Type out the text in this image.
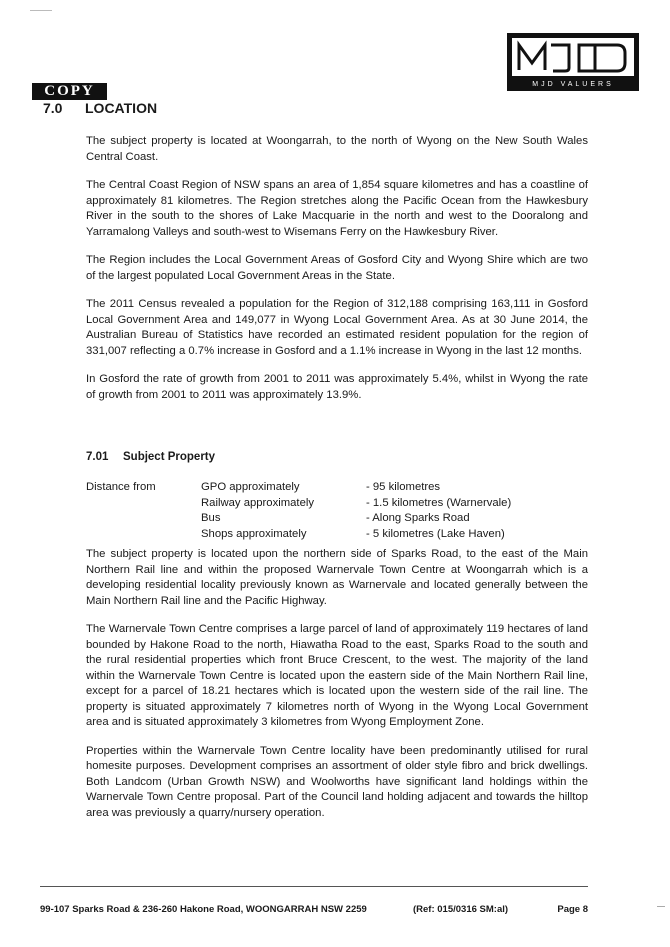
COPY	MJD VALUERS
7.0 LOCATION

The subject property is located at Woongarrah, to the north of Wyong on the New South Wales Central Coast.

The Central Coast Region of NSW spans an area of 1,854 square kilometres and has a coastline of approximately 81 kilometres. The Region stretches along the Pacific Ocean from the Hawkesbury River in the south to the shores of Lake Macquarie in the north and west to the Dooralong and Yarramalong Valleys and south-west to Wisemans Ferry on the Hawkesbury River.

The Region includes the Local Government Areas of Gosford City and Wyong Shire which are two of the largest populated Local Government Areas in the State.

The 2011 Census revealed a population for the Region of 312,188 comprising 163,111 in Gosford Local Government Area and 149,077 in Wyong Local Government Area. As at 30 June 2014, the Australian Bureau of Statistics have recorded an estimated resident population for the region of 331,007 reflecting a 0.7% increase in Gosford and a 1.1% increase in Wyong in the last 12 months.

In Gosford the rate of growth from 2001 to 2011 was approximately 5.4%, whilst in Wyong the rate of growth from 2001 to 2011 was approximately 13.9%.

7.01 Subject Property
Distance from	GPO approximately	- 95 kilometres
Railway approximately	- 1.5 kilometres (Warnervale)
Bus	- Along Sparks Road
Shops approximately	- 5 kilometres (Lake Haven)

The subject property is located upon the northern side of Sparks Road, to the east of the Main Northern Rail line and within the proposed Warnervale Town Centre at Woongarrah which is a developing residential locality previously known as Warnervale and located generally between the Main Northern Rail line and the Pacific Highway.

The Warnervale Town Centre comprises a large parcel of land of approximately 119 hectares of land bounded by Hakone Road to the north, Hiawatha Road to the east, Sparks Road to the south and the rural residential properties which front Bruce Crescent, to the west. The majority of the land within the Warnervale Town Centre is located upon the eastern side of the Main Northern Rail line, except for a parcel of 18.21 hectares which is located upon the western side of the rail line. The property is situated approximately 7 kilometres north of Wyong in the Wyong Local Government area and is situated approximately 3 kilometres from Wyong Employment Zone.

Properties within the Warnervale Town Centre locality have been predominantly utilised for rural homesite purposes. Development comprises an assortment of older style fibro and brick dwellings. Both Landcom (Urban Growth NSW) and Woolworths have significant land holdings within the Warnervale Town Centre proposal. Part of the Council land holding adjacent and towards the hilltop area was previously a quarry/nursery operation.

99-107 Sparks Road & 236-260 Hakone Road, WOONGARRAH NSW 2259	(Ref: 015/0316 SM:al)	Page 8
